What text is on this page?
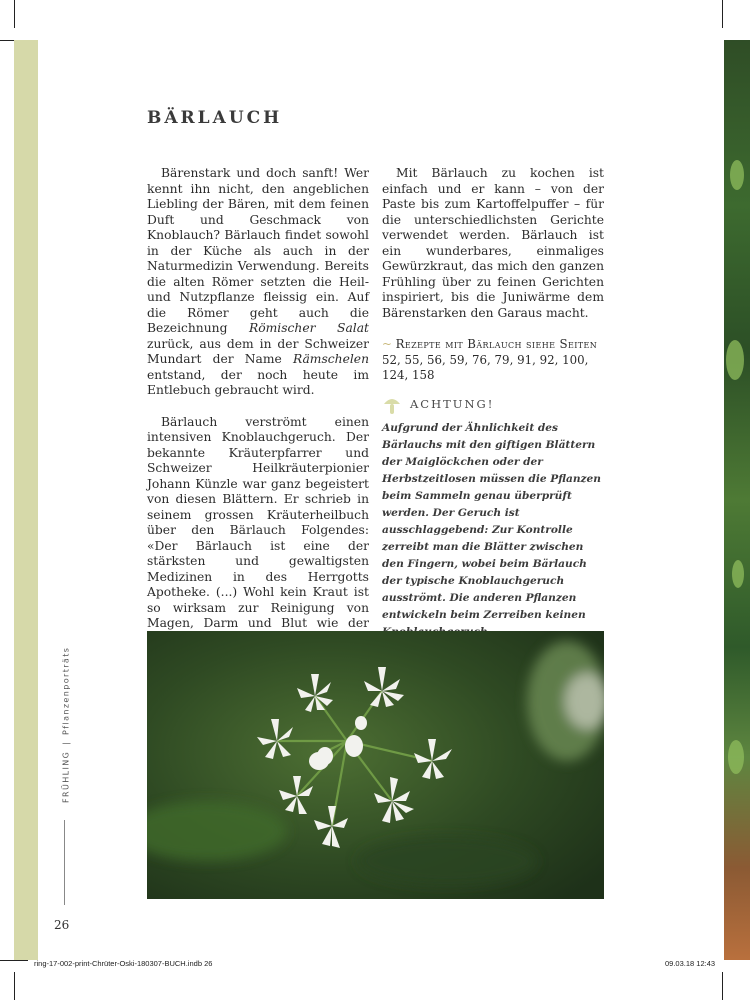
BÄRLAUCH

Bärenstark und doch sanft! Wer kennt ihn nicht, den angeblichen Liebling der Bären, mit dem feinen Duft und Geschmack von Knoblauch? Bärlauch findet sowohl in der Küche als auch in der Naturmedizin Verwendung. Bereits die alten Römer setzten die Heil- und Nutzpflanze fleissig ein. Auf die Römer geht auch die Bezeichnung Römischer Salat zurück, aus dem in der Schweizer Mundart der Name Rämschelen entstand, der noch heute im Entlebuch gebraucht wird.

Bärlauch verströmt einen intensiven Knoblauchgeruch. Der bekannte Kräuterpfarrer und Schweizer Heilkräuterpionier Johann Künzle war ganz begeistert von diesen Blättern. Er schrieb in seinem grossen Kräuterheilbuch über den Bärlauch Folgendes: «Der Bärlauch ist eine der stärksten und gewaltigsten Medizinen in des Herrgotts Apotheke. (...) Wohl kein Kraut ist so wirksam zur Reinigung von Magen, Darm und Blut wie der

Mit Bärlauch zu kochen ist einfach und er kann – von der Paste bis zum Kartoffelpuffer – für die unterschiedlichsten Gerichte verwendet werden. Bärlauch ist ein wunderbares, einmaliges Gewürzkraut, das mich den ganzen Frühling über zu feinen Gerichten inspiriert, bis die Juniwärme dem Bärenstarken den Garaus macht.

~ Rezepte mit Bärlauch siehe Seiten 52, 55, 56, 59, 76, 79, 91, 92, 100, 124, 158
ACHTUNG!
Aufgrund der Ähnlichkeit des Bärlauchs mit den giftigen Blättern der Maiglöckchen oder der Herbstzeitlosen müssen die Pflanzen beim Sammeln genau überprüft werden. Der Geruch ist ausschlaggebend: Zur Kontrolle zerreibt man die Blätter zwischen den Fingern, wobei beim Bärlauch der typische Knoblauchgeruch ausströmt. Die anderen Pflanzen entwickeln beim Zerreiben keinen
FRÜHLING
|
Pflanzenporträts
26
ring-17-002-print-Chrüter-Oski-180307-BUCH.indb 26	09.03.18 12:43
